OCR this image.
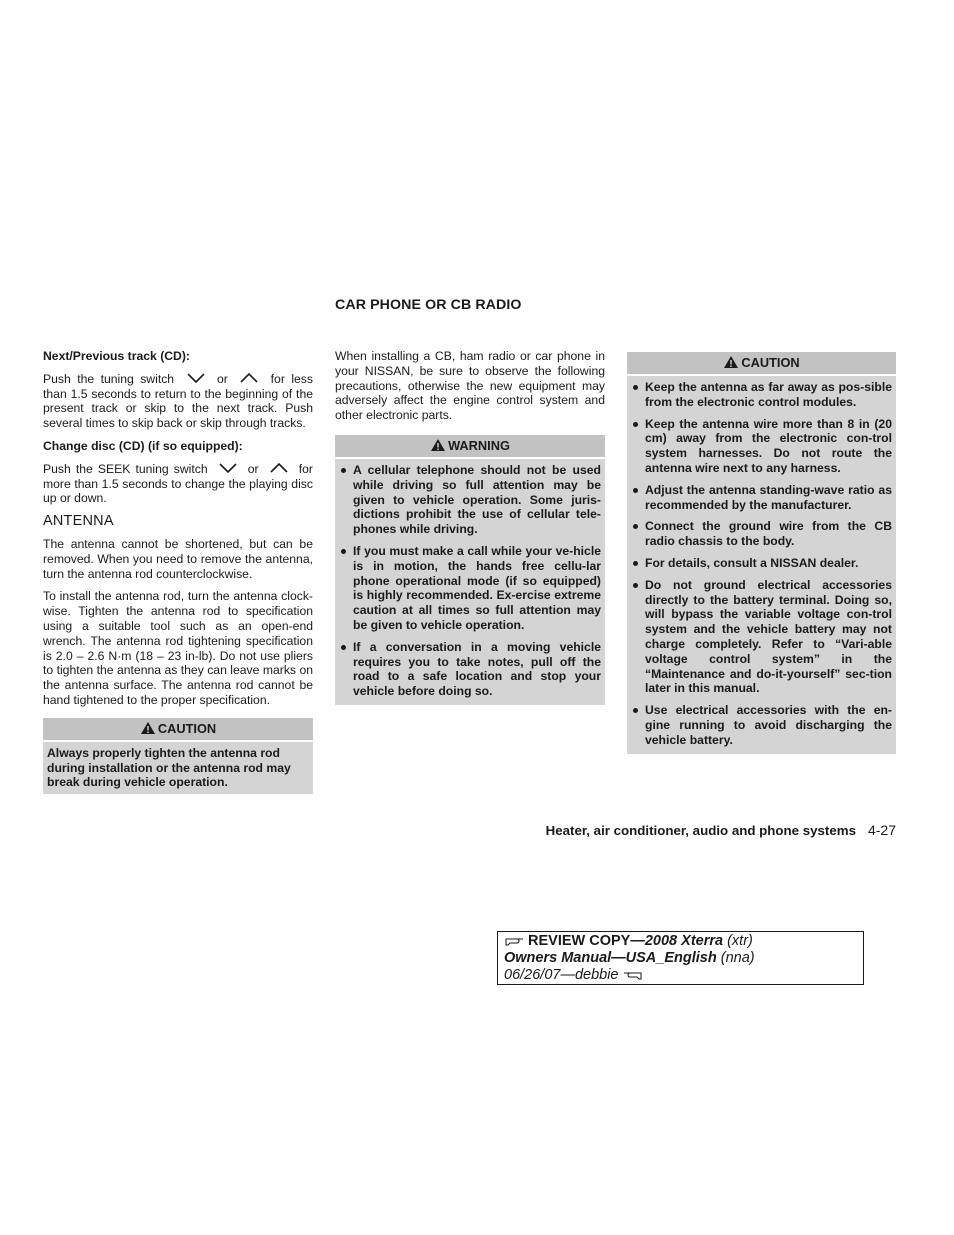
Next/Previous track (CD):

Push the tuning switch	or	for less than 1.5 seconds to return to the beginning of the present track or skip to the next track. Push several times to skip back or skip through tracks.

Change disc (CD) (if so equipped):

Push the SEEK tuning switch	or	for more than 1.5 seconds to change the playing disc up or down.

ANTENNA

The antenna cannot be shortened, but can be removed. When you need to remove the antenna, turn the antenna rod counterclockwise.

To install the antenna rod, turn the antenna clock-wise. Tighten the antenna rod to specification using a suitable tool such as an open-end wrench. The antenna rod tightening specification is 2.0 – 2.6 N·m (18 – 23 in-lb). Do not use pliers to tighten the antenna as they can leave marks on the antenna surface. The antenna rod cannot be hand tightened to the proper specification.

CAUTION

Always properly tighten the antenna rod during installation or the antenna rod may break during vehicle operation.

CAR PHONE OR CB RADIO

When installing a CB, ham radio or car phone in your NISSAN, be sure to observe the following precautions, otherwise the new equipment may adversely affect the engine control system and other electronic parts.

WARNING
A cellular telephone should not be used while driving so full attention may be given to vehicle operation. Some juris-dictions prohibit the use of cellular tele-phones while driving.
If you must make a call while your ve-hicle is in motion, the hands free cellu-lar phone operational mode (if so equipped) is highly recommended. Ex-ercise extreme caution at all times so full attention may be given to vehicle operation.
If a conversation in a moving vehicle requires you to take notes, pull off the road to a safe location and stop your vehicle before doing so.
CAUTION
Keep the antenna as far away as pos-sible from the electronic control modules.
Keep the antenna wire more than 8 in (20 cm) away from the electronic con-trol system harnesses. Do not route the antenna wire next to any harness.
Adjust the antenna standing-wave ratio as recommended by the manufacturer.
Connect the ground wire from the CB radio chassis to the body.
For details, consult a NISSAN dealer.
Do not ground electrical accessories directly to the battery terminal. Doing so, will bypass the variable voltage con-trol system and the vehicle battery may not charge completely. Refer to “Vari-able voltage control system” in the “Maintenance and do-it-yourself” sec-tion later in this manual.
Use electrical accessories with the en-gine running to avoid discharging the vehicle battery.
Heater, air conditioner, audio and phone systems 4-27
REVIEW COPY—2008 Xterra (xtr)
Owners Manual—USA_English (nna)
06/26/07—debbie
